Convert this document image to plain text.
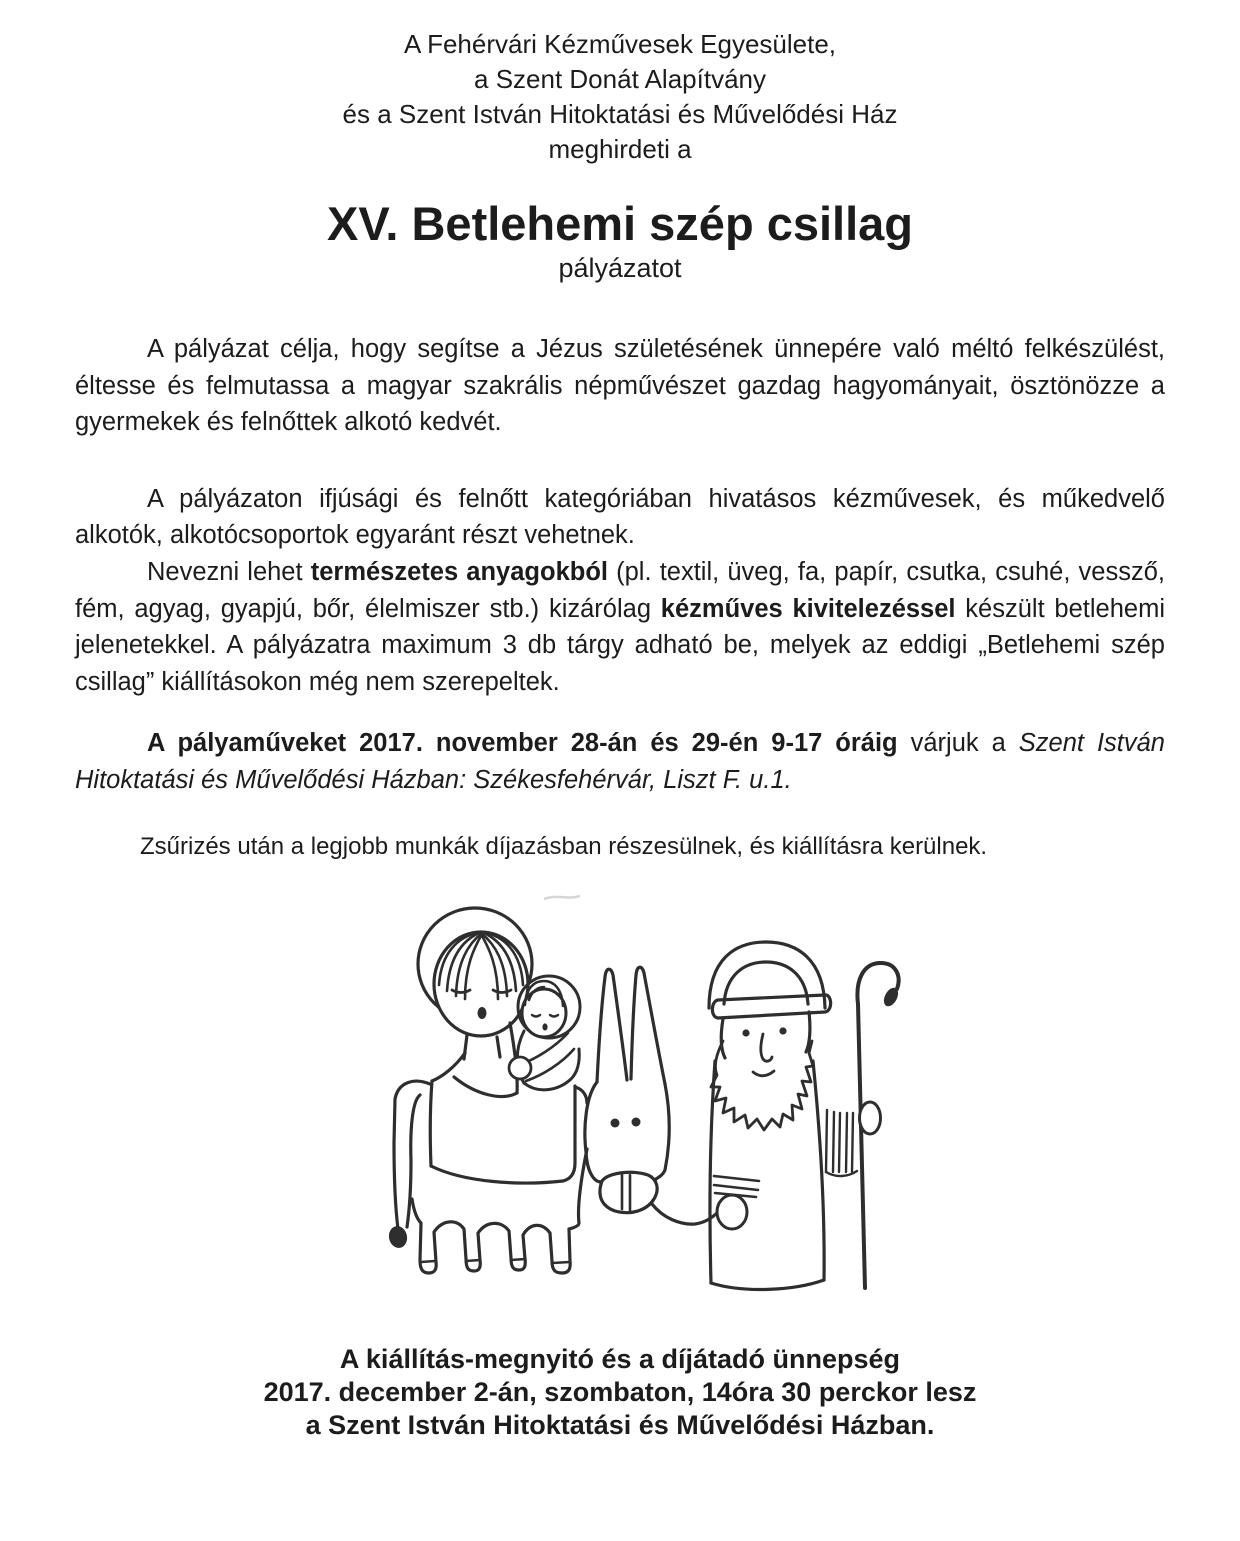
A Fehérvári Kézművesek Egyesülete,
a Szent Donát Alapítvány
és a Szent István Hitoktatási és Művelődési Ház
meghirdeti a
XV. Betlehemi szép csillag
pályázatot

A pályázat célja, hogy segítse a Jézus születésének ünnepére való méltó felkészülést, éltesse és felmutassa a magyar szakrális népművészet gazdag hagyományait, ösztönözze a gyermekek és felnőttek alkotó kedvét.

A pályázaton ifjúsági és felnőtt kategóriában hivatásos kézművesek, és műkedvelő alkotók, alkotócsoportok egyaránt részt vehetnek.

Nevezni lehet természetes anyagokból (pl. textil, üveg, fa, papír, csutka, csuhé, vessző, fém, agyag, gyapjú, bőr, élelmiszer stb.) kizárólag kézműves kivitelezéssel készült betlehemi jelenetekkel. A pályázatra maximum 3 db tárgy adható be, melyek az eddigi „Betlehemi szép csillag” kiállításokon még nem szerepeltek.

A pályaműveket 2017. november 28-án és 29-én 9-17 óráig várjuk a Szent István Hitoktatási és Művelődési Házban: Székesfehérvár, Liszt F. u.1.

Zsűrizés után a legjobb munkák díjazásban részesülnek, és kiállításra kerülnek.

A kiállítás-megnyitó és a díjátadó ünnepség
2017. december 2-án, szombaton, 14óra 30 perckor lesz
a Szent István Hitoktatási és Művelődési Házban.
